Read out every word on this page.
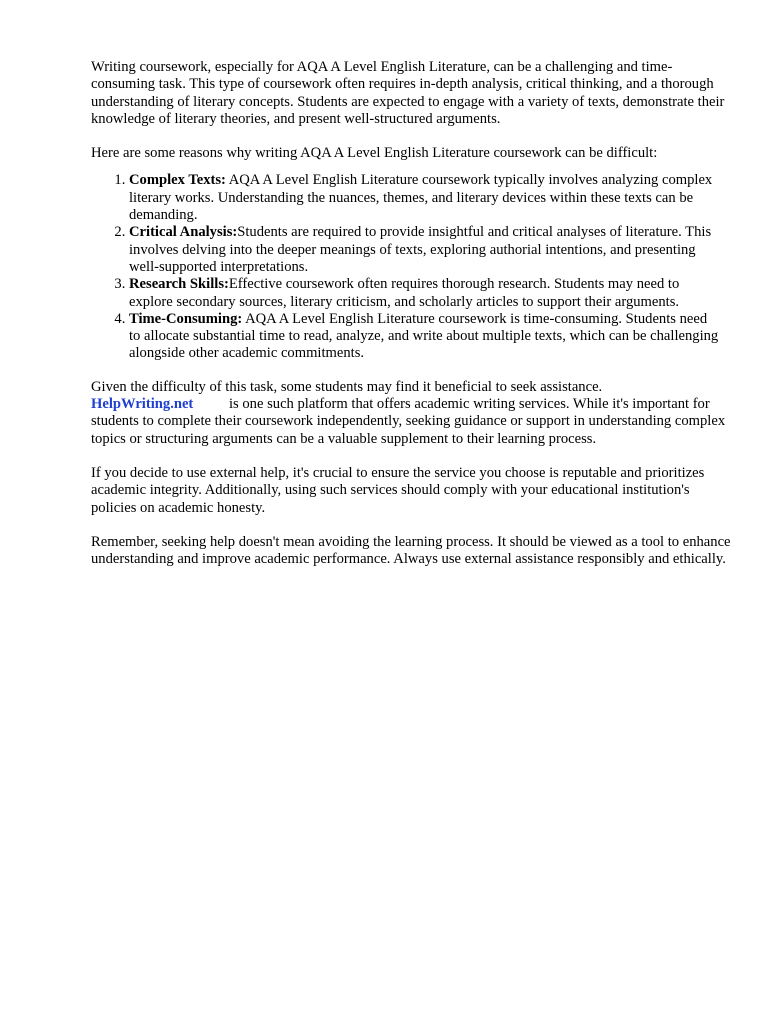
Writing coursework, especially for AQA A Level English Literature, can be a challenging and time-consuming task. This type of coursework often requires in-depth analysis, critical thinking, and a thorough understanding of literary concepts. Students are expected to engage with a variety of texts, demonstrate their knowledge of literary theories, and present well-structured arguments.

Here are some reasons why writing AQA A Level English Literature coursework can be difficult:

1. Complex Texts: AQA A Level English Literature coursework typically involves analyzing complex literary works. Understanding the nuances, themes, and literary devices within these texts can be demanding.
2. Critical Analysis:Students are required to provide insightful and critical analyses of literature. This involves delving into the deeper meanings of texts, exploring authorial intentions, and presenting well-supported interpretations.
3. Research Skills:Effective coursework often requires thorough research. Students may need to explore secondary sources, literary criticism, and scholarly articles to support their arguments.
4. Time-Consuming: AQA A Level English Literature coursework is time-consuming. Students need to allocate substantial time to read, analyze, and write about multiple texts, which can be challenging alongside other academic commitments.

Given the difficulty of this task, some students may find it beneficial to seek assistance.
HelpWriting.net is one such platform that offers academic writing services. While it's important for students to complete their coursework independently, seeking guidance or support in understanding complex topics or structuring arguments can be a valuable supplement to their learning process.

If you decide to use external help, it's crucial to ensure the service you choose is reputable and prioritizes academic integrity. Additionally, using such services should comply with your educational institution's policies on academic honesty.

Remember, seeking help doesn't mean avoiding the learning process. It should be viewed as a tool to enhance understanding and improve academic performance. Always use external assistance responsibly and ethically.
